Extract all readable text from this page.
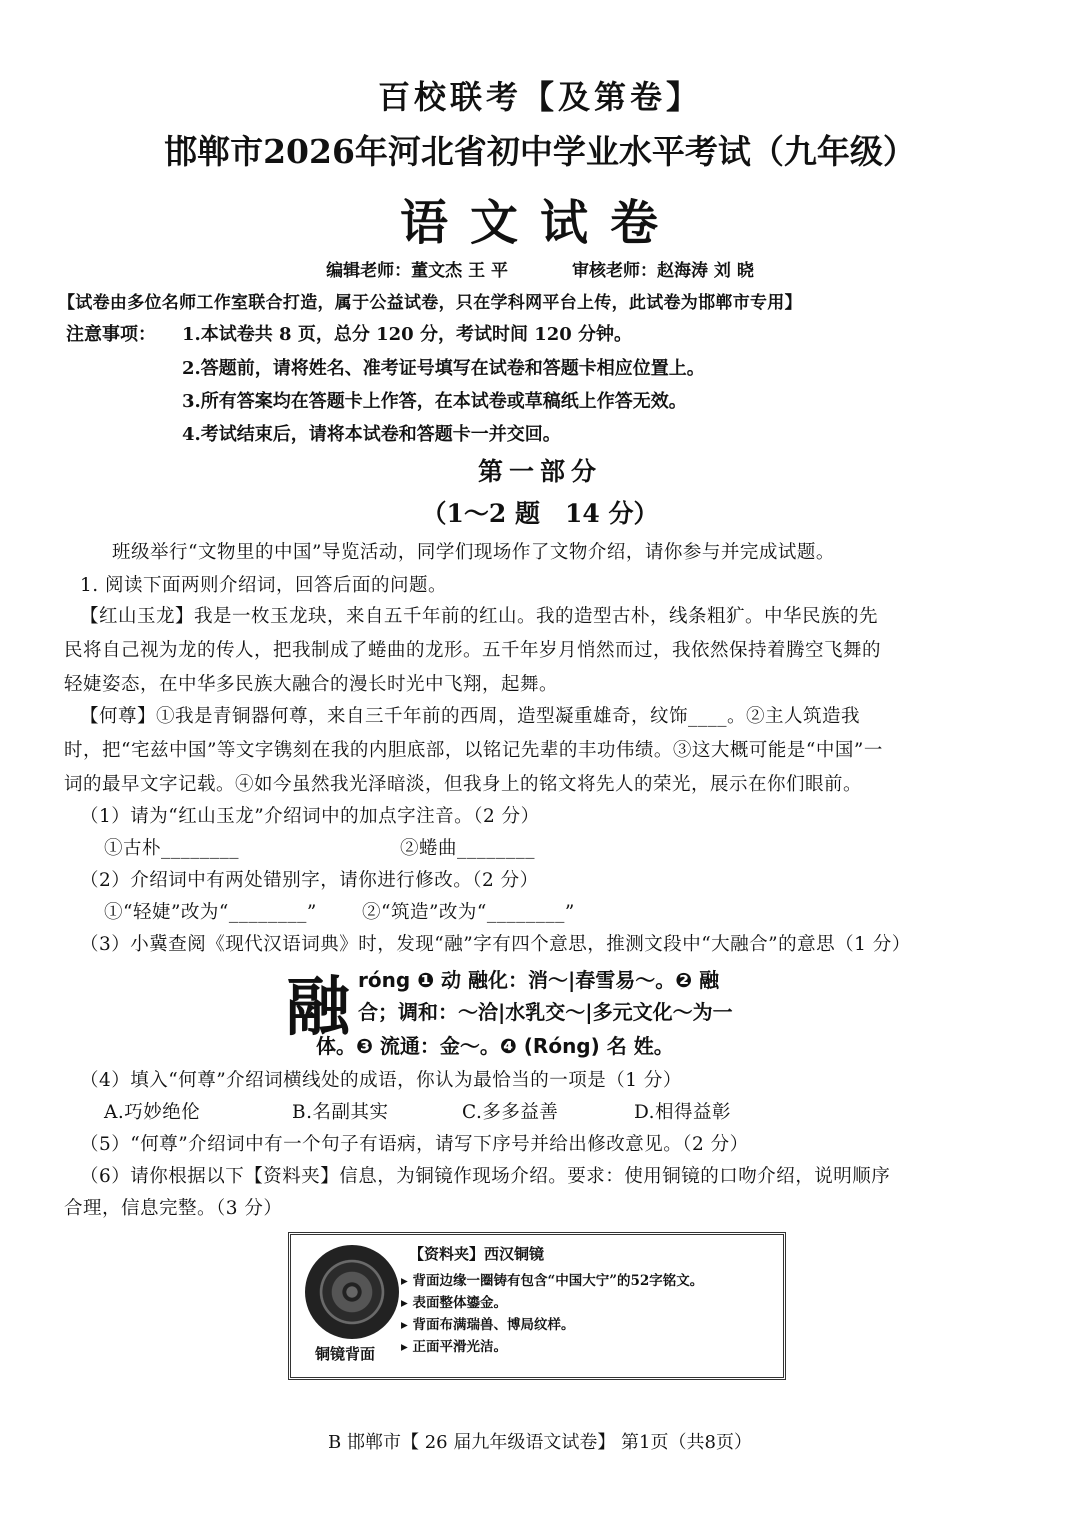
百校联考【及第卷】
邯郸市2026年河北省初中学业水平考试（九年级）
语文试卷
编辑老师：董文杰 王 平	审核老师：赵海涛 刘 晓
【试卷由多位名师工作室联合打造，属于公益试卷，只在学科网平台上传，此试卷为邯郸市专用】
注意事项： 1.本试卷共 8 页，总分 120 分，考试时间 120 分钟。
2.答题前，请将姓名、准考证号填写在试卷和答题卡相应位置上。
3.所有答案均在答题卡上作答，在本试卷或草稿纸上作答无效。
4.考试结束后，请将本试卷和答题卡一并交回。
第一部分
（1～2 题　14 分）
班级举行“文物里的中国”导览活动，同学们现场作了文物介绍，请你参与并完成试题。
1. 阅读下面两则介绍词，回答后面的问题。
【红山玉龙】我是一枚玉龙玦，来自五千年前的红山。我的造型古朴，线条粗犷。中华民族的先
民将自己视为龙的传人，把我制成了蜷曲的龙形。五千年岁月悄然而过，我依然保持着腾空飞舞的
轻婕姿态，在中华多民族大融合的漫长时光中飞翔，起舞。
【何尊】①我是青铜器何尊，来自三千年前的西周，造型凝重雄奇，纹饰____。②主人筑造我
时，把“宅兹中国”等文字镌刻在我的内胆底部，以铭记先辈的丰功伟绩。③这大概可能是“中国”一
词的最早文字记载。④如今虽然我光泽暗淡，但我身上的铭文将先人的荣光，展示在你们眼前。
（1）请为“红山玉龙”介绍词中的加点字注音。（2 分）
①古朴________	②蜷曲________
（2）介绍词中有两处错别字，请你进行修改。（2 分）
①“轻婕”改为“________” ②“筑造”改为“________”
（3）小冀查阅《现代汉语词典》时，发现“融”字有四个意思，推测文段中“大融合”的意思（1 分）
融 róng ❶ 动 融化：消～|春雪易～。❷ 融
合；调和：～洽|水乳交～|多元文化～为一
体。❸ 流通：金～。❹ (Róng) 名 姓。
（4）填入“何尊”介绍词横线处的成语，你认为最恰当的一项是（1 分）
A.巧妙绝伦	B.名副其实	C.多多益善	D.相得益彰
（5）“何尊”介绍词中有一个句子有语病，请写下序号并给出修改意见。（2 分）
（6）请你根据以下【资料夹】信息，为铜镜作现场介绍。要求：使用铜镜的口吻介绍，说明顺序
合理，信息完整。（3 分）
【资料夹】西汉铜镜
▸ 背面边缘一圈铸有包含“中国大宁”的52字铭文。
▸ 表面整体鎏金。
▸ 背面布满瑞兽、博局纹样。
▸ 正面平滑光洁。
铜镜背面
B 邯郸市【 26 届九年级语文试卷】 第1页（共8页）
